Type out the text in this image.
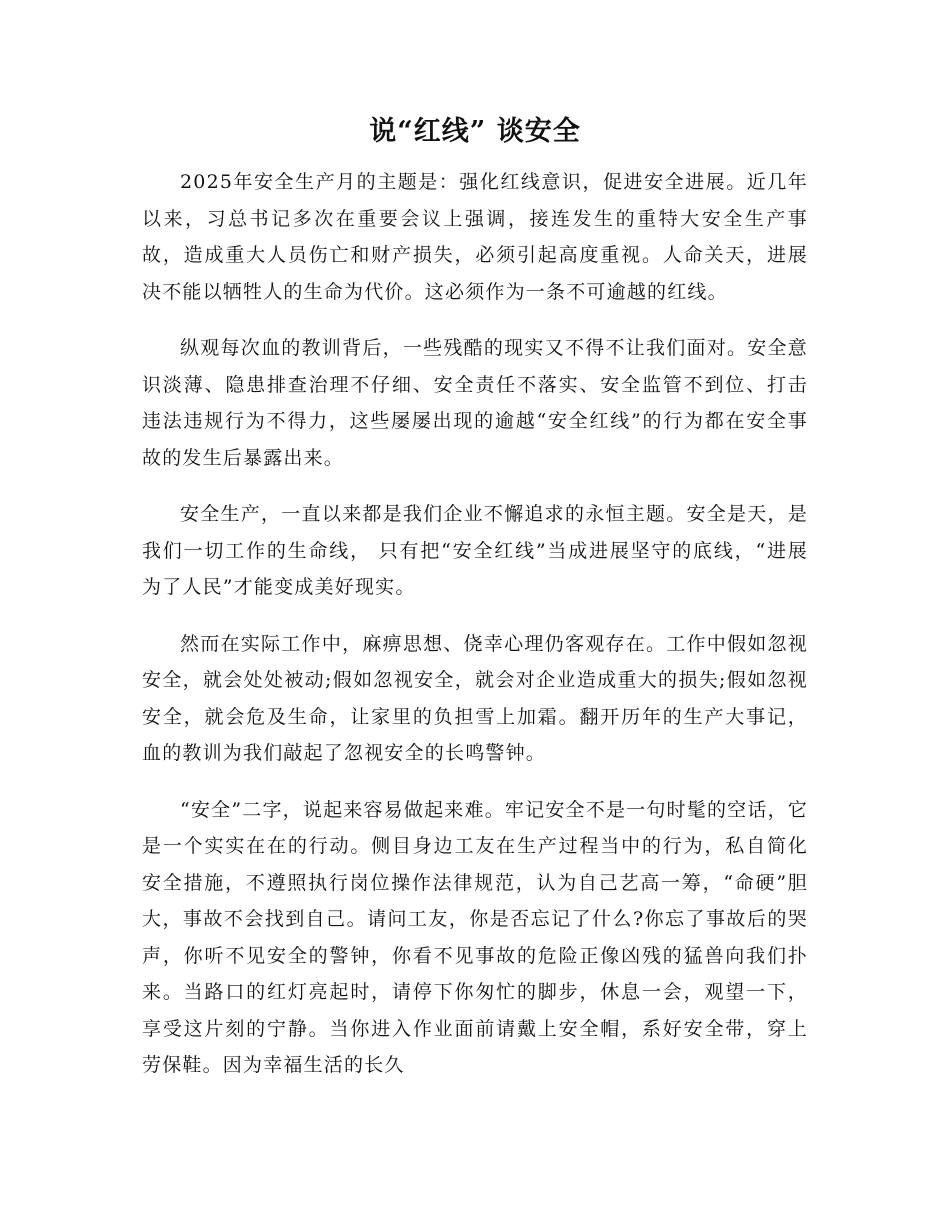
说“红线” 谈安全

2025年安全生产月的主题是：强化红线意识，促进安全进展。近几年以来，习总书记多次在重要会议上强调，接连发生的重特大安全生产事故，造成重大人员伤亡和财产损失，必须引起高度重视。人命关天，进展决不能以牺牲人的生命为代价。这必须作为一条不可逾越的红线。

纵观每次血的教训背后，一些残酷的现实又不得不让我们面对。安全意识淡薄、隐患排查治理不仔细、安全责任不落实、安全监管不到位、打击违法违规行为不得力，这些屡屡出现的逾越“安全红线”的行为都在安全事故的发生后暴露出来。

安全生产，一直以来都是我们企业不懈追求的永恒主题。安全是天，是我们一切工作的生命线， 只有把“安全红线”当成进展坚守的底线，“进展为了人民”才能变成美好现实。

然而在实际工作中，麻痹思想、侥幸心理仍客观存在。工作中假如忽视安全，就会处处被动;假如忽视安全，就会对企业造成重大的损失;假如忽视安全，就会危及生命，让家里的负担雪上加霜。翻开历年的生产大事记，血的教训为我们敲起了忽视安全的长鸣警钟。

“安全”二字，说起来容易做起来难。牢记安全不是一句时髦的空话，它是一个实实在在的行动。侧目身边工友在生产过程当中的行为，私自简化安全措施，不遵照执行岗位操作法律规范，认为自己艺高一筹，“命硬”胆大，事故不会找到自己。请问工友，你是否忘记了什么?你忘了事故后的哭声，你听不见安全的警钟，你看不见事故的危险正像凶残的猛兽向我们扑来。当路口的红灯亮起时，请停下你匆忙的脚步，休息一会，观望一下，享受这片刻的宁静。当你进入作业面前请戴上安全帽，系好安全带，穿上劳保鞋。因为幸福生活的长久
